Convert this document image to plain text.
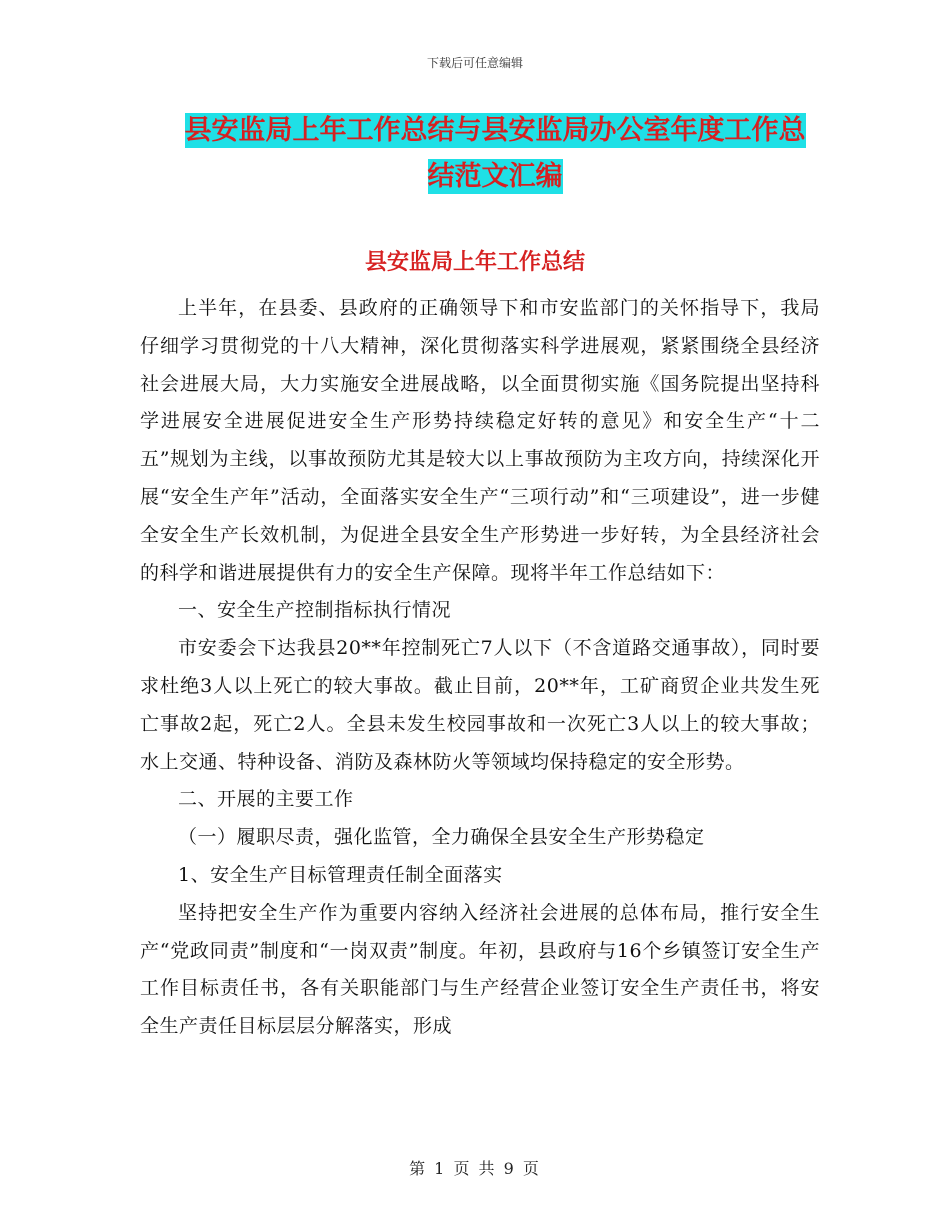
下载后可任意编辑
县安监局上年工作总结与县安监局办公室年度工作总
结范文汇编
县安监局上年工作总结

上半年，在县委、县政府的正确领导下和市安监部门的关怀指导下，我局仔细学习贯彻党的十八大精神，深化贯彻落实科学进展观，紧紧围绕全县经济社会进展大局，大力实施安全进展战略，以全面贯彻实施《国务院提出坚持科学进展安全进展促进安全生产形势持续稳定好转的意见》和安全生产“十二五”规划为主线，以事故预防尤其是较大以上事故预防为主攻方向，持续深化开展“安全生产年”活动，全面落实安全生产“三项行动”和“三项建设”，进一步健全安全生产长效机制，为促进全县安全生产形势进一步好转，为全县经济社会的科学和谐进展提供有力的安全生产保障。现将半年工作总结如下：

一、安全生产控制指标执行情况

市安委会下达我县20**年控制死亡7人以下（不含道路交通事故），同时要求杜绝3人以上死亡的较大事故。截止目前，20**年，工矿商贸企业共发生死亡事故2起，死亡2人。全县未发生校园事故和一次死亡3人以上的较大事故；水上交通、特种设备、消防及森林防火等领域均保持稳定的安全形势。

二、开展的主要工作

（一）履职尽责，强化监管，全力确保全县安全生产形势稳定

1、安全生产目标管理责任制全面落实

坚持把安全生产作为重要内容纳入经济社会进展的总体布局，推行安全生产“党政同责”制度和“一岗双责”制度。年初，县政府与16个乡镇签订安全生产工作目标责任书，各有关职能部门与生产经营企业签订安全生产责任书，将安全生产责任目标层层分解落实，形成

第 1 页 共 9 页
